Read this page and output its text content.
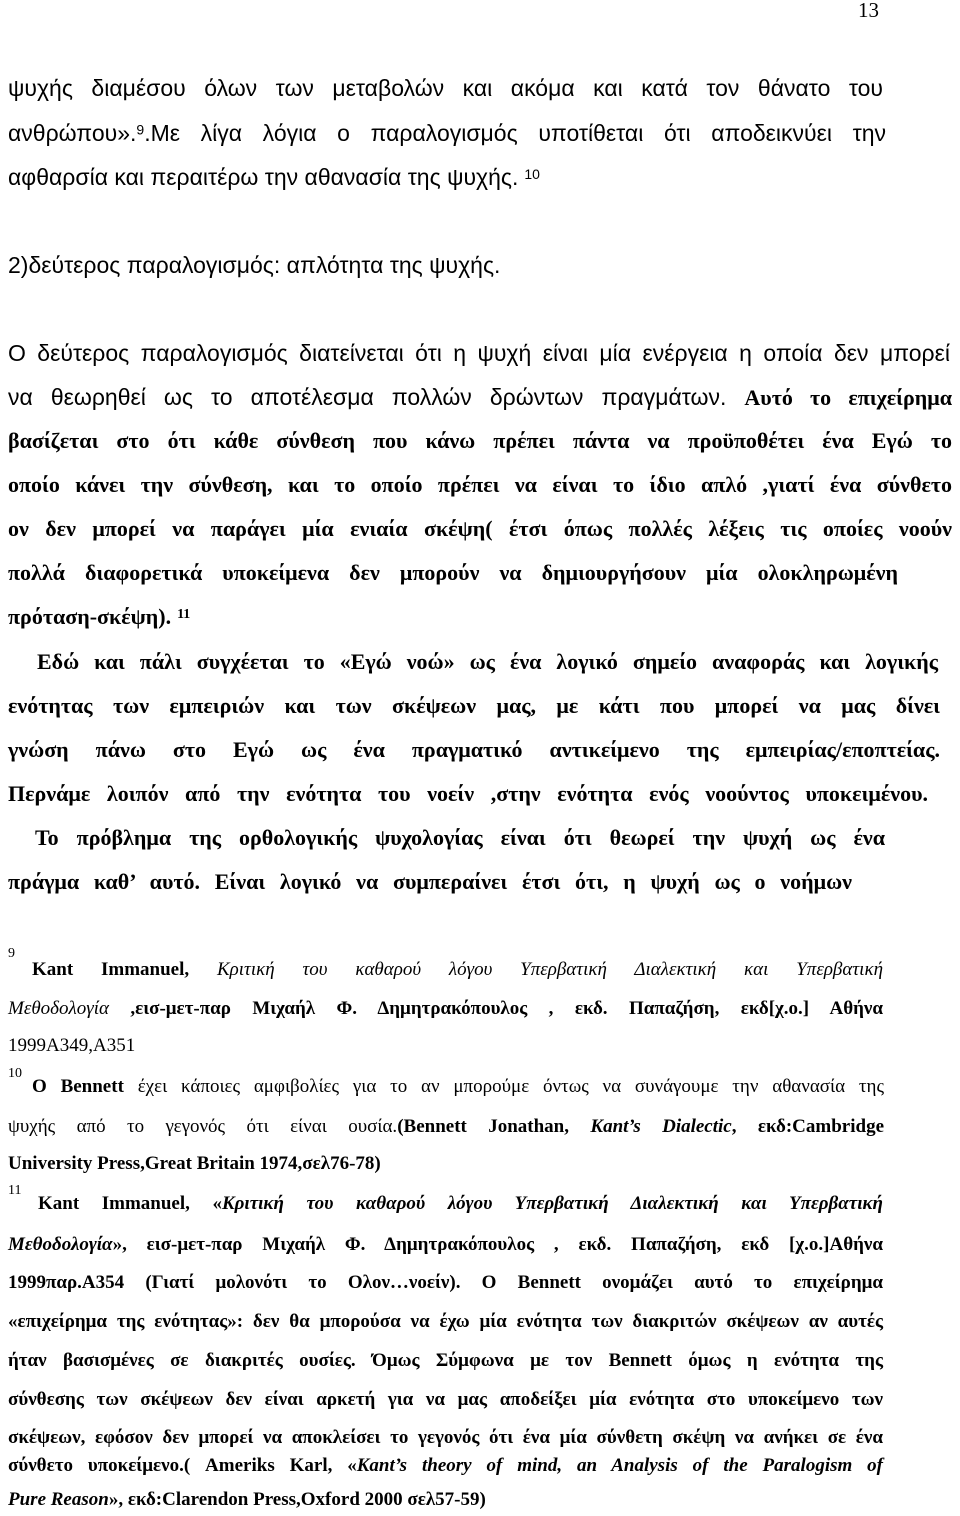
13
ψυχής διαμέσου όλων των μεταβολών και ακόμα και κατά τον θάνατο του
ανθρώπου».9.Με λίγα λόγια ο παραλογισμός υποτίθεται ότι αποδεικνύει την
αφθαρσία και περαιτέρω την αθανασία της ψυχής. 10
2)δεύτερος παραλογισμός: απλότητα της ψυχής.
Ο δεύτερος παραλογισμός διατείνεται ότι η ψυχή είναι μία ενέργεια η οποία δεν μπορεί
να θεωρηθεί ως το αποτέλεσμα πολλών δρώντων πραγμάτων. Αυτό το επιχείρημα
βασίζεται στο ότι κάθε σύνθεση που κάνω πρέπει πάντα να προϋποθέτει ένα Εγώ το
οποίο κάνει την σύνθεση, και το οποίο πρέπει να είναι το ίδιο απλό ,γιατί ένα σύνθετο
ον δεν μπορεί να παράγει μία ενιαία σκέψη( έτσι όπως πολλές λέξεις τις οποίες νοούν
πολλά διαφορετικά υποκείμενα δεν μπορούν να δημιουργήσουν μία ολοκληρωμένη
πρόταση-σκέψη). 11
Εδώ και πάλι συγχέεται το «Εγώ νοώ» ως ένα λογικό σημείο αναφοράς και λογικής
ενότητας των εμπειριών και των σκέψεων μας, με κάτι που μπορεί να μας δίνει
γνώση πάνω στο Εγώ ως ένα πραγματικό αντικείμενο της εμπειρίας/εποπτείας.
Περνάμε λοιπόν από την ενότητα του νοείν ,στην ενότητα ενός νοούντος υποκειμένου.
Το πρόβλημα της ορθολογικής ψυχολογίας είναι ότι θεωρεί την ψυχή ως ένα
πράγμα καθ’ αυτό. Είναι λογικό να συμπεραίνει έτσι ότι, η ψυχή ως ο νοήμων
9
Kant Immanuel, Κριτική του καθαρού λόγου Υπερβατική Διαλεκτική και Υπερβατική
Μεθοδολογία ,εισ-μετ-παρ Μιχαήλ Φ. Δημητρακόπουλος , εκδ. Παπαζήση, εκδ[χ.ο.] Αθήνα
1999Α349,Α351
10
Ο Bennett έχει κάποιες αμφιβολίες για το αν μπορούμε όντως να συνάγουμε την αθανασία της
ψυχής από το γεγονός ότι είναι ουσία.(Bennett Jonathan, Kant’s Dialectic, εκδ:Cambridge
University Press,Great Britain 1974,σελ76-78)
11
Kant Immanuel, «Κριτική του καθαρού λόγου Υπερβατική Διαλεκτική και Υπερβατική
Μεθοδολογία», εισ-μετ-παρ Μιχαήλ Φ. Δημητρακόπουλος , εκδ. Παπαζήση, εκδ [χ.ο.]Αθήνα
1999παρ.Α354 (Γιατί μολονότι το Ολον…νοείν). Ο Bennett ονομάζει αυτό το επιχείρημα
«επιχείρημα της ενότητας»: δεν θα μπορούσα να έχω μία ενότητα των διακριτών σκέψεων αν αυτές
ήταν βασισμένες σε διακριτές ουσίες. Όμως Σύμφωνα με τον Bennett όμως η ενότητα της
σύνθεσης των σκέψεων δεν είναι αρκετή για να μας αποδείξει μία ενότητα στο υποκείμενο των
σκέψεων, εφόσον δεν μπορεί να αποκλείσει το γεγονός ότι ένα μία σύνθετη σκέψη να ανήκει σε ένα
σύνθετο υποκείμενο.( Ameriks Karl, «Kant’s theory of mind, an Analysis of the Paralogism of
Pure Reason», εκδ:Clarendon Press,Oxford 2000 σελ57-59)
